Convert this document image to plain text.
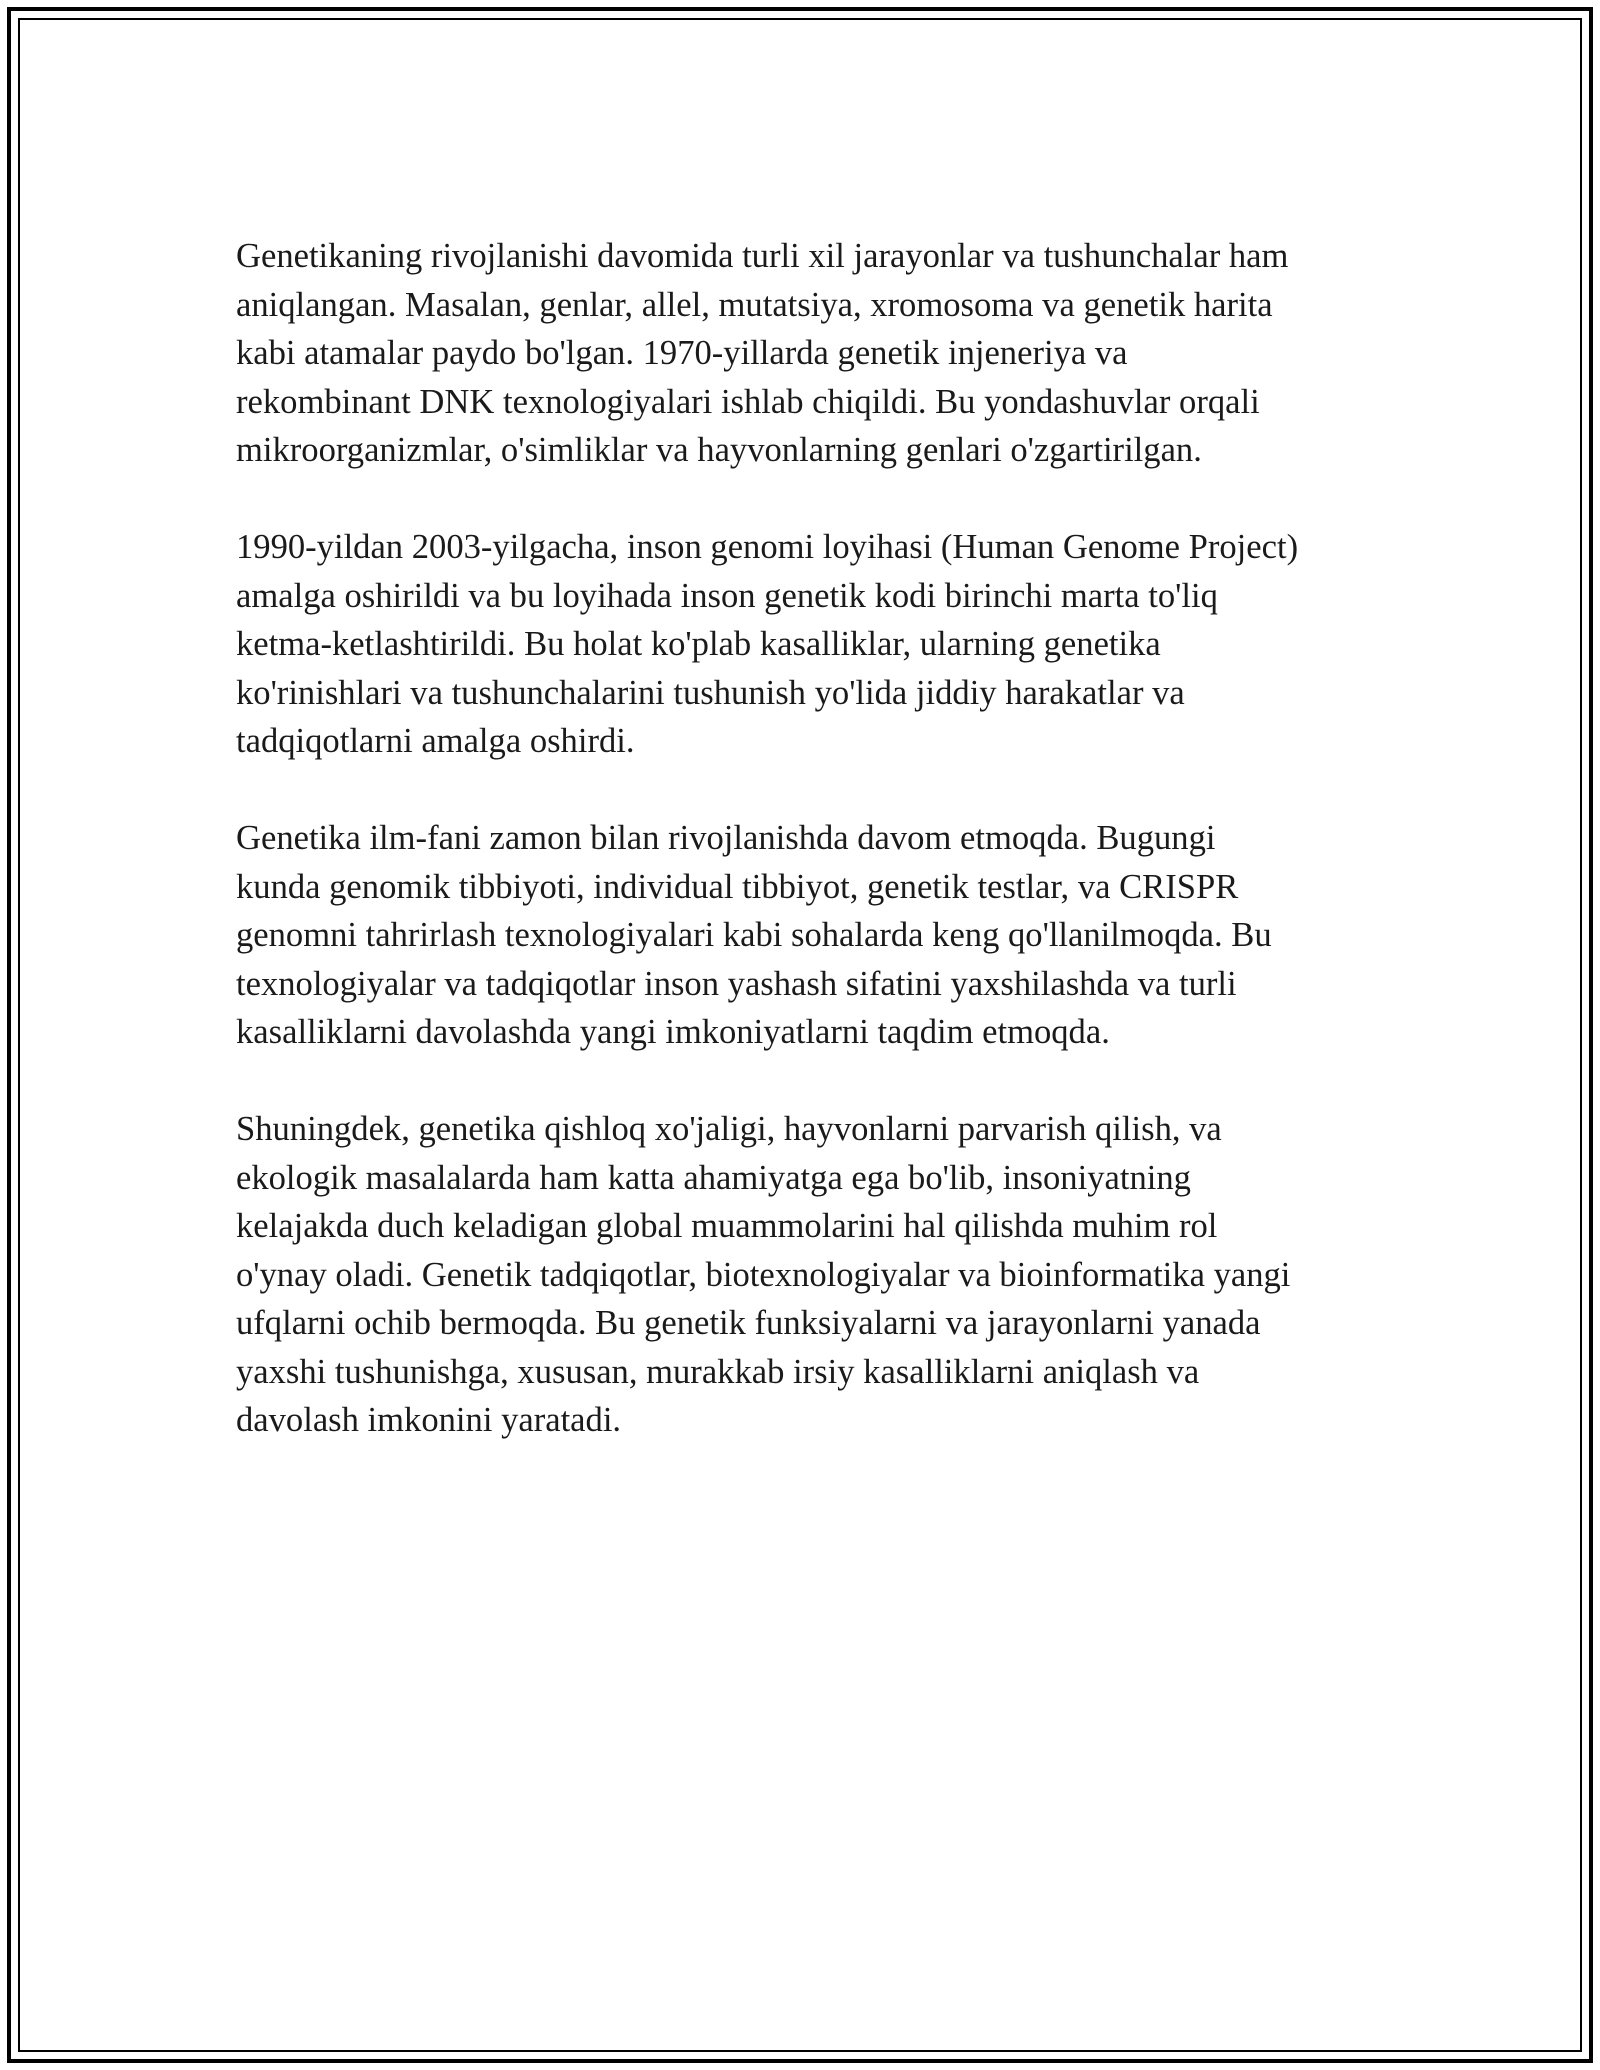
Genetikaning rivojlanishi davomida turli xil jarayonlar va tushunchalar ham
aniqlangan. Masalan, genlar, allel, mutatsiya, xromosoma va genetik harita
kabi atamalar paydo bo'lgan. 1970-yillarda genetik injeneriya va
rekombinant DNK texnologiyalari ishlab chiqildi. Bu yondashuvlar orqali
mikroorganizmlar, o'simliklar va hayvonlarning genlari o'zgartirilgan.

1990-yildan 2003-yilgacha, inson genomi loyihasi (Human Genome Project)
amalga oshirildi va bu loyihada inson genetik kodi birinchi marta to'liq
ketma-ketlashtirildi. Bu holat ko'plab kasalliklar, ularning genetika
ko'rinishlari va tushunchalarini tushunish yo'lida jiddiy harakatlar va
tadqiqotlarni amalga oshirdi.

Genetika ilm-fani zamon bilan rivojlanishda davom etmoqda. Bugungi
kunda genomik tibbiyoti, individual tibbiyot, genetik testlar, va CRISPR
genomni tahrirlash texnologiyalari kabi sohalarda keng qo'llanilmoqda. Bu
texnologiyalar va tadqiqotlar inson yashash sifatini yaxshilashda va turli
kasalliklarni davolashda yangi imkoniyatlarni taqdim etmoqda.

Shuningdek, genetika qishloq xo'jaligi, hayvonlarni parvarish qilish, va
ekologik masalalarda ham katta ahamiyatga ega bo'lib, insoniyatning
kelajakda duch keladigan global muammolarini hal qilishda muhim rol
o'ynay oladi. Genetik tadqiqotlar, biotexnologiyalar va bioinformatika yangi
ufqlarni ochib bermoqda. Bu genetik funksiyalarni va jarayonlarni yanada
yaxshi tushunishga, xususan, murakkab irsiy kasalliklarni aniqlash va
davolash imkonini yaratadi.
